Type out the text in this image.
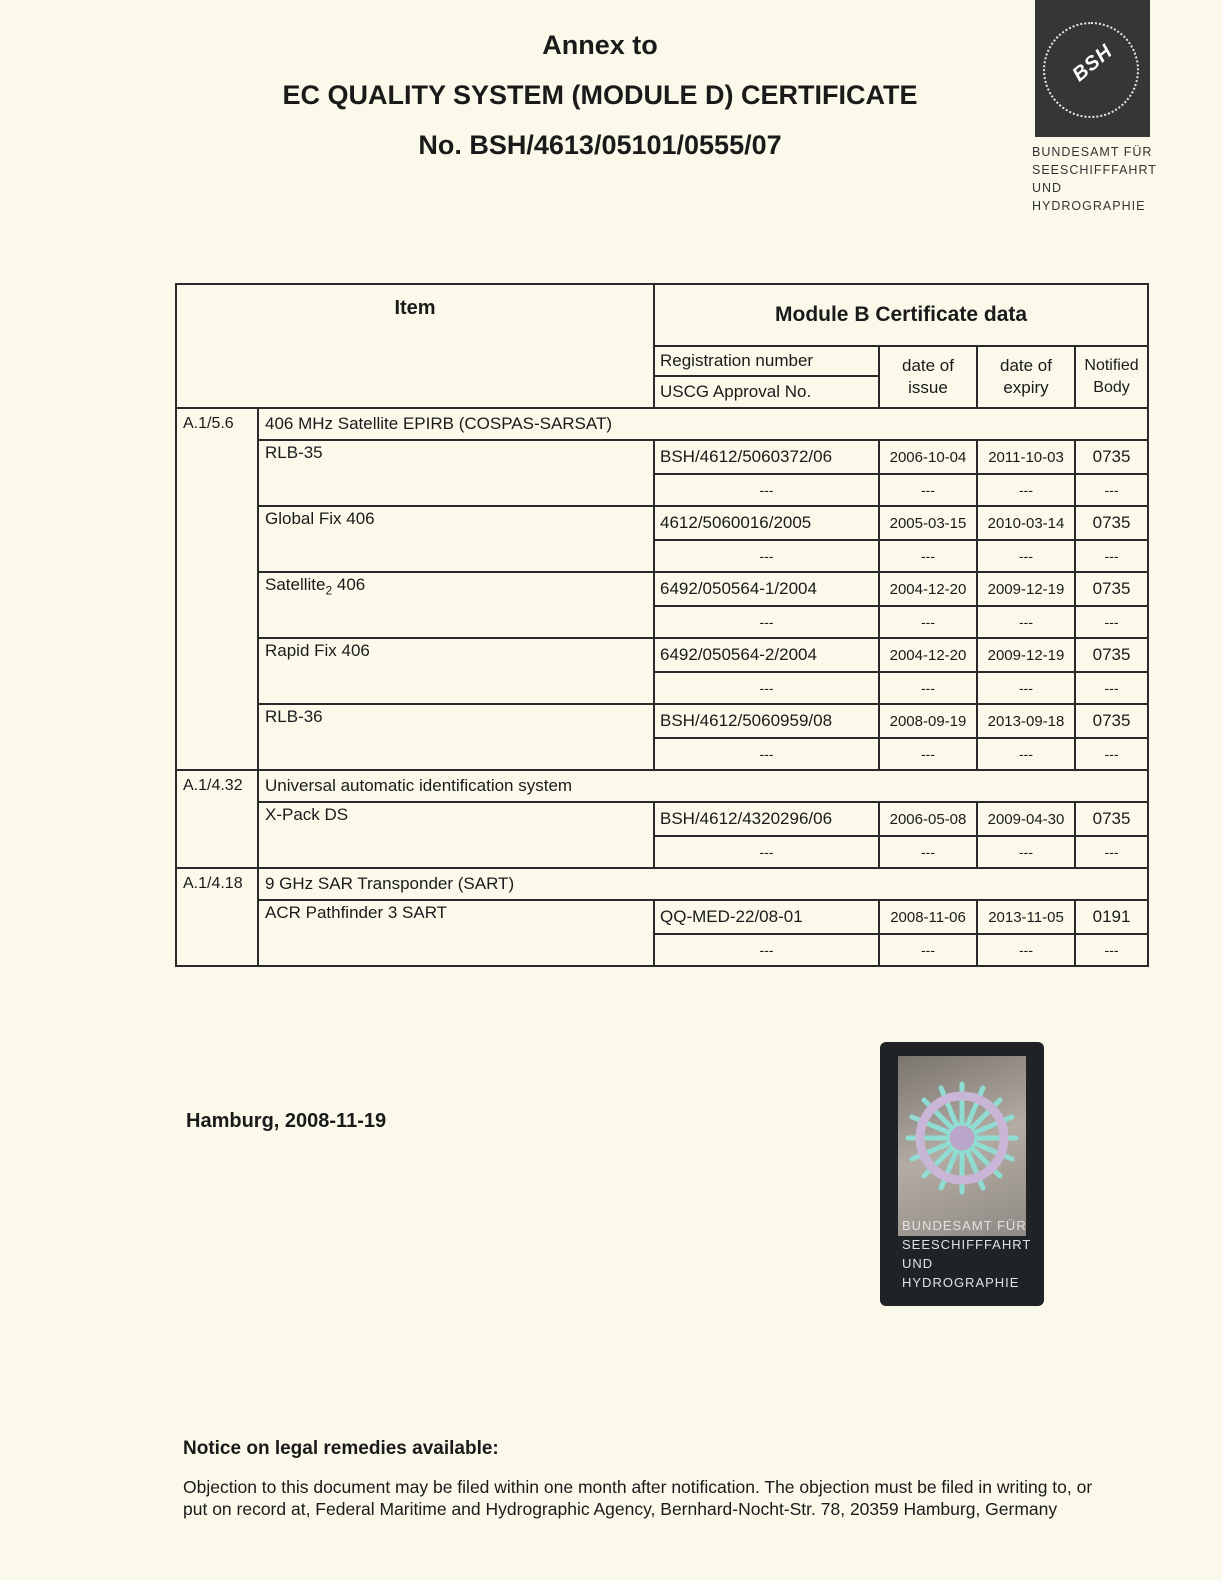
Annex to
EC QUALITY SYSTEM (MODULE D) CERTIFICATE
No. BSH/4613/05101/0555/07
BSH
BUNDESAMT FÜR
SEESCHIFFFAHRT
UND
HYDROGRAPHIE
Item		Module B Certificate data			
		Registration number	date of issue	date of expiry	Notified Body
		USCG Approval No.			
A.1/5.6	406 MHz Satellite EPIRB (COSPAS-SARSAT)				
	RLB-35	BSH/4612/5060372/06	2006-10-04	2011-10-03	0735
		---	---	---	---
	Global Fix 406	4612/5060016/2005	2005-03-15	2010-03-14	0735
		---	---	---	---
	Satellite$_2$ 406	6492/050564-1/2004	2004-12-20	2009-12-19	0735
		---	---	---	---
	Rapid Fix 406	6492/050564-2/2004	2004-12-20	2009-12-19	0735
		---	---	---	---
	RLB-36	BSH/4612/5060959/08	2008-09-19	2013-09-18	0735
		---	---	---	---
A.1/4.32	Universal automatic identification system				
	X-Pack DS	BSH/4612/4320296/06	2006-05-08	2009-04-30	0735
		---	---	---	---
A.1/4.18	9 GHz SAR Transponder (SART)				
	ACR Pathfinder 3 SART	QQ-MED-22/08-01	2008-11-06	2013-11-05	0191
		---	---	---	---
Hamburg, 2008-11-19
BUNDESAMT FÜR
SEESCHIFFFAHRT
UND
HYDROGRAPHIE
Notice on legal remedies available:
Objection to this document may be filed within one month after notification. The objection must be filed in writing to, or put on record at, Federal Maritime and Hydrographic Agency, Bernhard-Nocht-Str. 78, 20359 Hamburg, Germany
